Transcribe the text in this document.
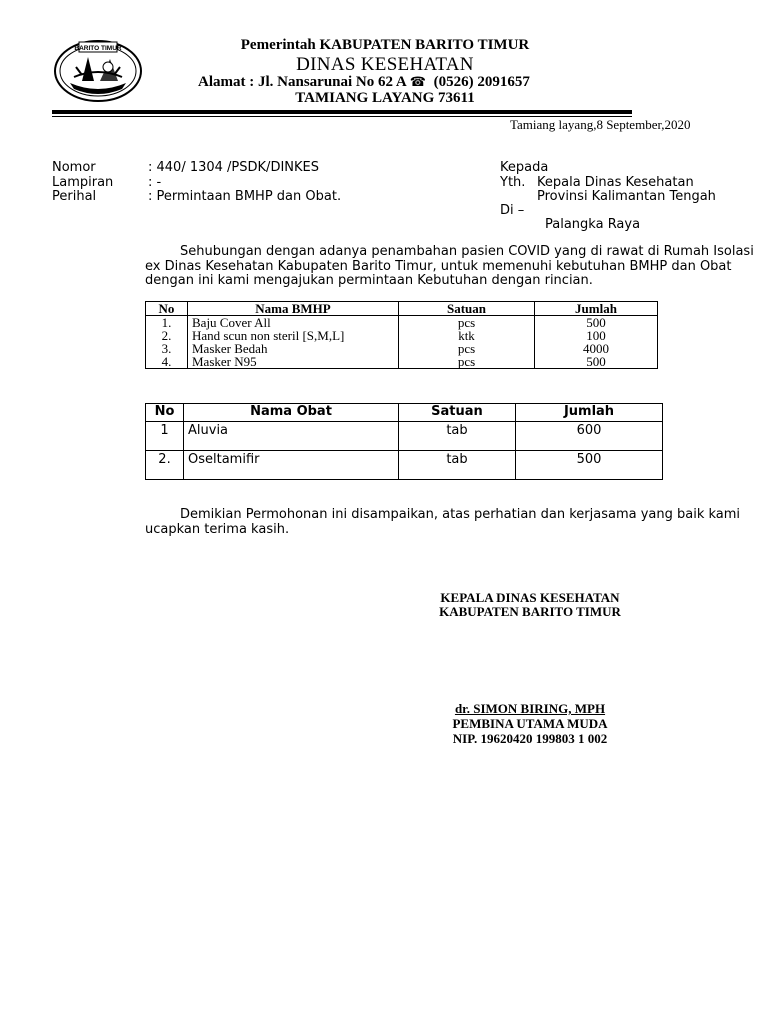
BARITO TIMUR	Pemerintah KABUPATEN BARITO TIMUR
DINAS KESEHATAN
Alamat : Jl. Nansarunai No 62 A ☎ (0526) 2091657
TAMIANG LAYANG 73611
Tamiang layang,8 September,2020
Nomor	: 440/ 1304 /PSDK/DINKES
Lampiran	: -
Perihal	: Permintaan BMHP dan Obat.
Kepada
Yth. Kepala Dinas Kesehatan
Provinsi Kalimantan Tengah
Di –
Palangka Raya
Sehubungan dengan adanya penambahan pasien COVID yang di rawat di Rumah Isolasi
ex Dinas Kesehatan Kabupaten Barito Timur, untuk memenuhi kebutuhan BMHP dan Obat
dengan ini kami mengajukan permintaan Kebutuhan dengan rincian.
No	Nama BMHP	Satuan	Jumlah
1.	Baju Cover All	pcs	500
2.	Hand scun non steril [S,M,L]	ktk	100
3.	Masker Bedah	pcs	4000
4.	Masker N95	pcs	500
No	Nama Obat	Satuan	Jumlah
1	Aluvia	tab	600
2.	Oseltamifir	tab	500
Demikian Permohonan ini disampaikan, atas perhatian dan kerjasama yang baik kami
ucapkan terima kasih.
KEPALA DINAS KESEHATAN
KABUPATEN BARITO TIMUR
dr. SIMON BIRING, MPH
PEMBINA UTAMA MUDA
NIP. 19620420 199803 1 002
